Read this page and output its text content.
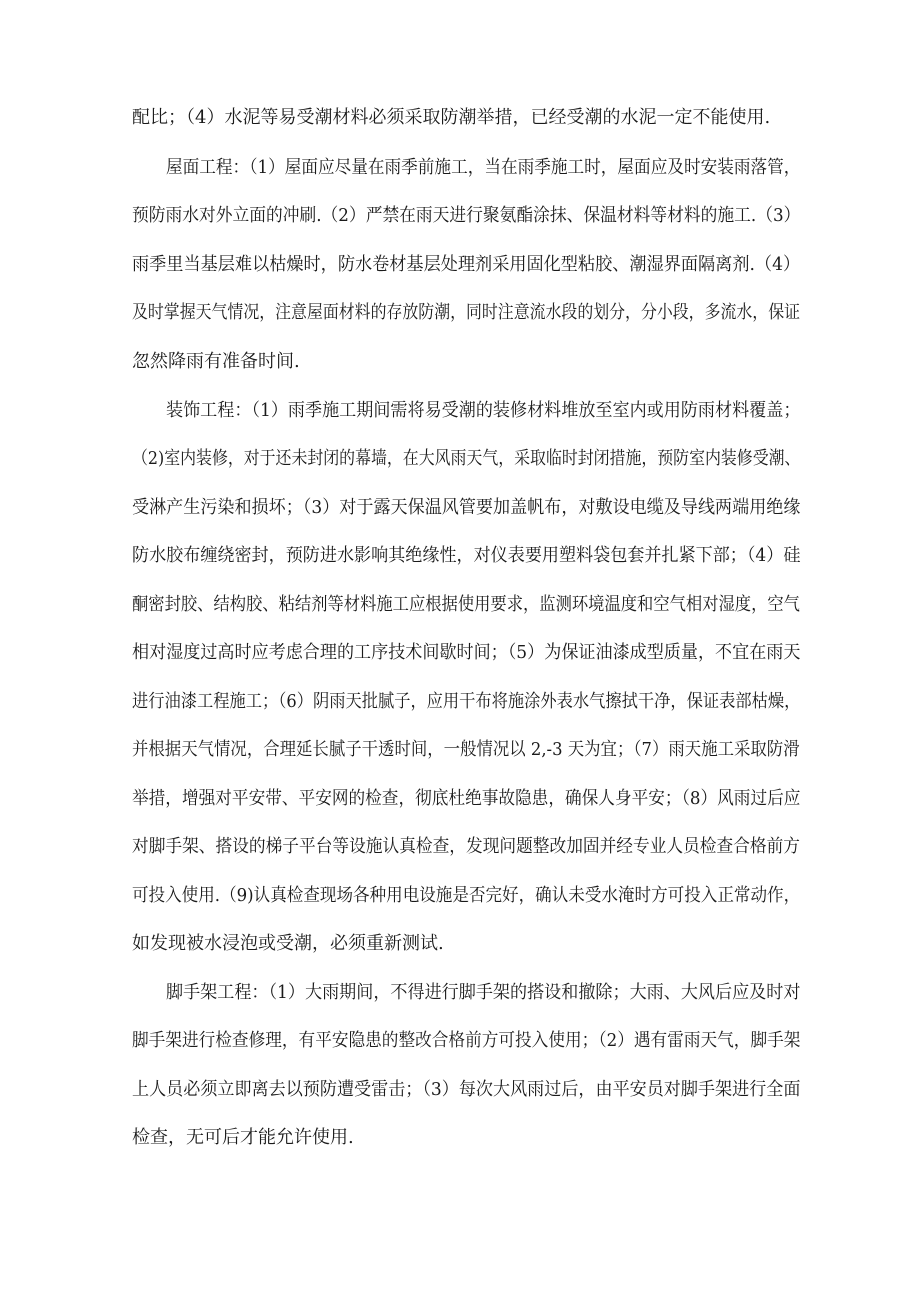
配比；（4）水泥等易受潮材料必须采取防潮举措，已经受潮的水泥一定不能使用.
屋面工程：（1）屋面应尽量在雨季前施工，当在雨季施工时，屋面应及时安装雨落管，
预防雨水对外立面的冲刷.（2）严禁在雨天进行聚氨酯涂抹、保温材料等材料的施工.（3）
雨季里当基层难以枯燥时，防水卷材基层处理剂采用固化型粘胶、潮湿界面隔离剂.（4）
及时掌握天气情况，注意屋面材料的存放防潮，同时注意流水段的划分，分小段，多流水，保证
忽然降雨有准备时间.
装饰工程：（1）雨季施工期间需将易受潮的装修材料堆放至室内或用防雨材料覆盖；
（2)室内装修，对于还未封闭的幕墙，在大风雨天气，采取临时封闭措施，预防室内装修受潮、
受淋产生污染和损坏；（3）对于露天保温风管要加盖帆布，对敷设电缆及导线两端用绝缘
防水胶布缠绕密封，预防进水影响其绝缘性，对仪表要用塑料袋包套并扎紧下部；（4）硅
酮密封胶、结构胶、粘结剂等材料施工应根据使用要求，监测环境温度和空气相对湿度，空气
相对湿度过高时应考虑合理的工序技术间歇时间；（5）为保证油漆成型质量，不宜在雨天
进行油漆工程施工；（6）阴雨天批腻子，应用干布将施涂外表水气擦拭干净，保证表部枯燥，
并根据天气情况，合理延长腻子干透时间，一般情况以 2,-3 天为宜；（7）雨天施工采取防滑
举措，增强对平安带、平安网的检查，彻底杜绝事故隐患，确保人身平安；（8）风雨过后应
对脚手架、搭设的梯子平台等设施认真检查，发现问题整改加固并经专业人员检查合格前方
可投入使用.（9)认真检查现场各种用电设施是否完好，确认未受水淹时方可投入正常动作，
如发现被水浸泡或受潮，必须重新测试.
脚手架工程：（1）大雨期间，不得进行脚手架的搭设和撤除；大雨、大风后应及时对
脚手架进行检查修理，有平安隐患的整改合格前方可投入使用；（2）遇有雷雨天气，脚手架
上人员必须立即离去以预防遭受雷击；（3）每次大风雨过后，由平安员对脚手架进行全面
检查，无可后才能允许使用.
